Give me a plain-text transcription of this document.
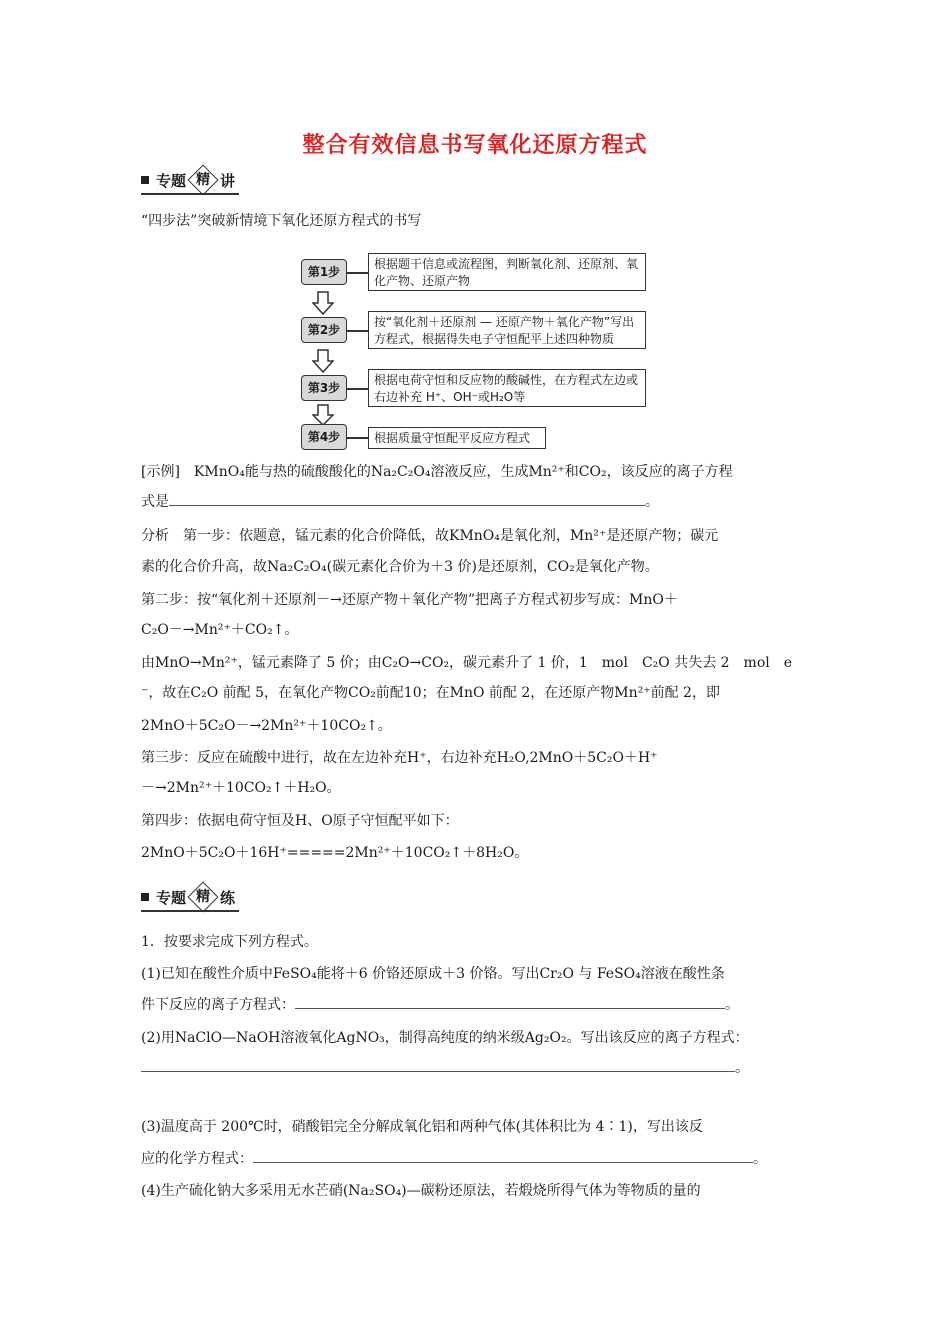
整合有效信息书写氧化还原方程式
专题 精 讲
“四步法”突破新情境下氧化还原方程式的书写
第1步
根据题干信息或流程图，判断氧化剂、还原剂、氧化产物、还原产物
第2步
按“氧化剂＋还原剂 — 还原产物＋氧化产物”写出方程式，根据得失电子守恒配平上述四种物质
第3步
根据电荷守恒和反应物的酸碱性，在方程式左边或右边补充 H⁺、OH⁻或H₂O等
第4步	根据质量守恒配平反应方程式
[示例]　KMnO₄能与热的硫酸酸化的Na₂C₂O₄溶液反应，生成Mn²⁺和CO₂，该反应的离子方程
式是	。
分析　第一步：依题意，锰元素的化合价降低，故KMnO₄是氧化剂，Mn²⁺是还原产物；碳元
素的化合价升高，故Na₂C₂O₄(碳元素化合价为＋3 价)是还原剂，CO₂是氧化产物。
第二步：按“氧化剂＋还原剂－→还原产物＋氧化产物”把离子方程式初步写成：MnO＋
C₂O－→Mn²⁺＋CO₂↑。
由MnO→Mn²⁺，锰元素降了 5 价；由C₂O→CO₂，碳元素升了 1 价，1　mol　C₂O 共失去 2　mol　e
⁻，故在C₂O 前配 5，在氧化产物CO₂前配10；在MnO 前配 2，在还原产物Mn²⁺前配 2，即
2MnO＋5C₂O－→2Mn²⁺＋10CO₂↑。
第三步：反应在硫酸中进行，故在左边补充H⁺，右边补充H₂O,2MnO＋5C₂O＋H⁺
－→2Mn²⁺＋10CO₂↑＋H₂O。
第四步：依据电荷守恒及H、O原子守恒配平如下：
2MnO＋5C₂O＋16H⁺=====2Mn²⁺＋10CO₂↑＋8H₂O。
专题 精 练
1．按要求完成下列方程式。
(1)已知在酸性介质中FeSO₄能将＋6 价铬还原成＋3 价铬。写出Cr₂O 与 FeSO₄溶液在酸性条
件下反应的离子方程式：	。
(2)用NaClO—NaOH溶液氧化AgNO₃，制得高纯度的纳米级Ag₂O₂。写出该反应的离子方程式：
。
(3)温度高于 200℃时，硝酸铝完全分解成氧化铝和两种气体(其体积比为 4∶1)，写出该反
应的化学方程式：	。
(4)生产硫化钠大多采用无水芒硝(Na₂SO₄)—碳粉还原法，若煅烧所得气体为等物质的量的
